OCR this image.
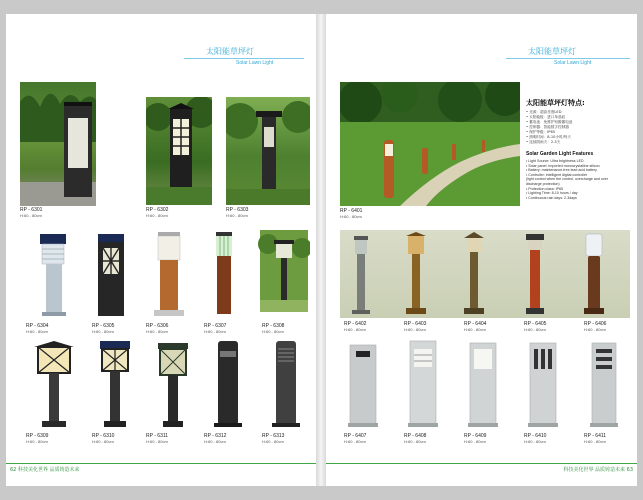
太阳能草坪灯
Solar Lawn Light
RP - 6301
H:60 - 80cm
RP - 6302
H:60 - 80cm
RP - 6303
H:60 - 80cm
RP - 6304
H:60 - 80cm
RP - 6305
H:60 - 80cm
RP - 6306
H:60 - 80cm
RP - 6307
H:60 - 80cm
RP - 6308
H:60 - 80cm
RP - 6309
H:60 - 80cm
RP - 6310
H:60 - 80cm
RP - 6311
H:60 - 80cm
RP - 6312
H:60 - 80cm
RP - 6313
H:60 - 80cm
62 科技美化世界 品质铸造未来
太阳能草坪灯
Solar Lawn Light
RP - 6401
H:60 - 80cm
太阳能草坪灯特点:
• 光源：超高亮度LED
• 太阳能板：进口单晶硅
• 蓄电池：免维护铅酸蓄电池
• 控制器：智能数字控制器
• 保护等级：IP65
• 照明时间：8-10小时/每天
• 连续阴雨天：2-3天
Solar Garden Light Features
• Light Source: Ultra brightness LED
• Solar panel: Imported monocrystalline silicon
• Battery: maintenance-free lead acid battery
• Controller: intelligent digital controller
(light control when the control, overcharge and over
discharge protection)
• Protection class: IP65
• Lighting Time: 8-10 hours / day
• Continuous rain days: 2-3days
RP - 6402
H:60 - 80cm
RP - 6403
H:60 - 80cm
RP - 6404
H:60 - 80cm
RP - 6405
H:60 - 80cm
RP - 6406
H:60 - 80cm
RP - 6407
H:60 - 80cm
RP - 6408
H:60 - 80cm
RP - 6409
H:60 - 80cm
RP - 6410
H:60 - 80cm
RP - 6411
H:60 - 80cm
科技美化世界 品质铸造未来 63
